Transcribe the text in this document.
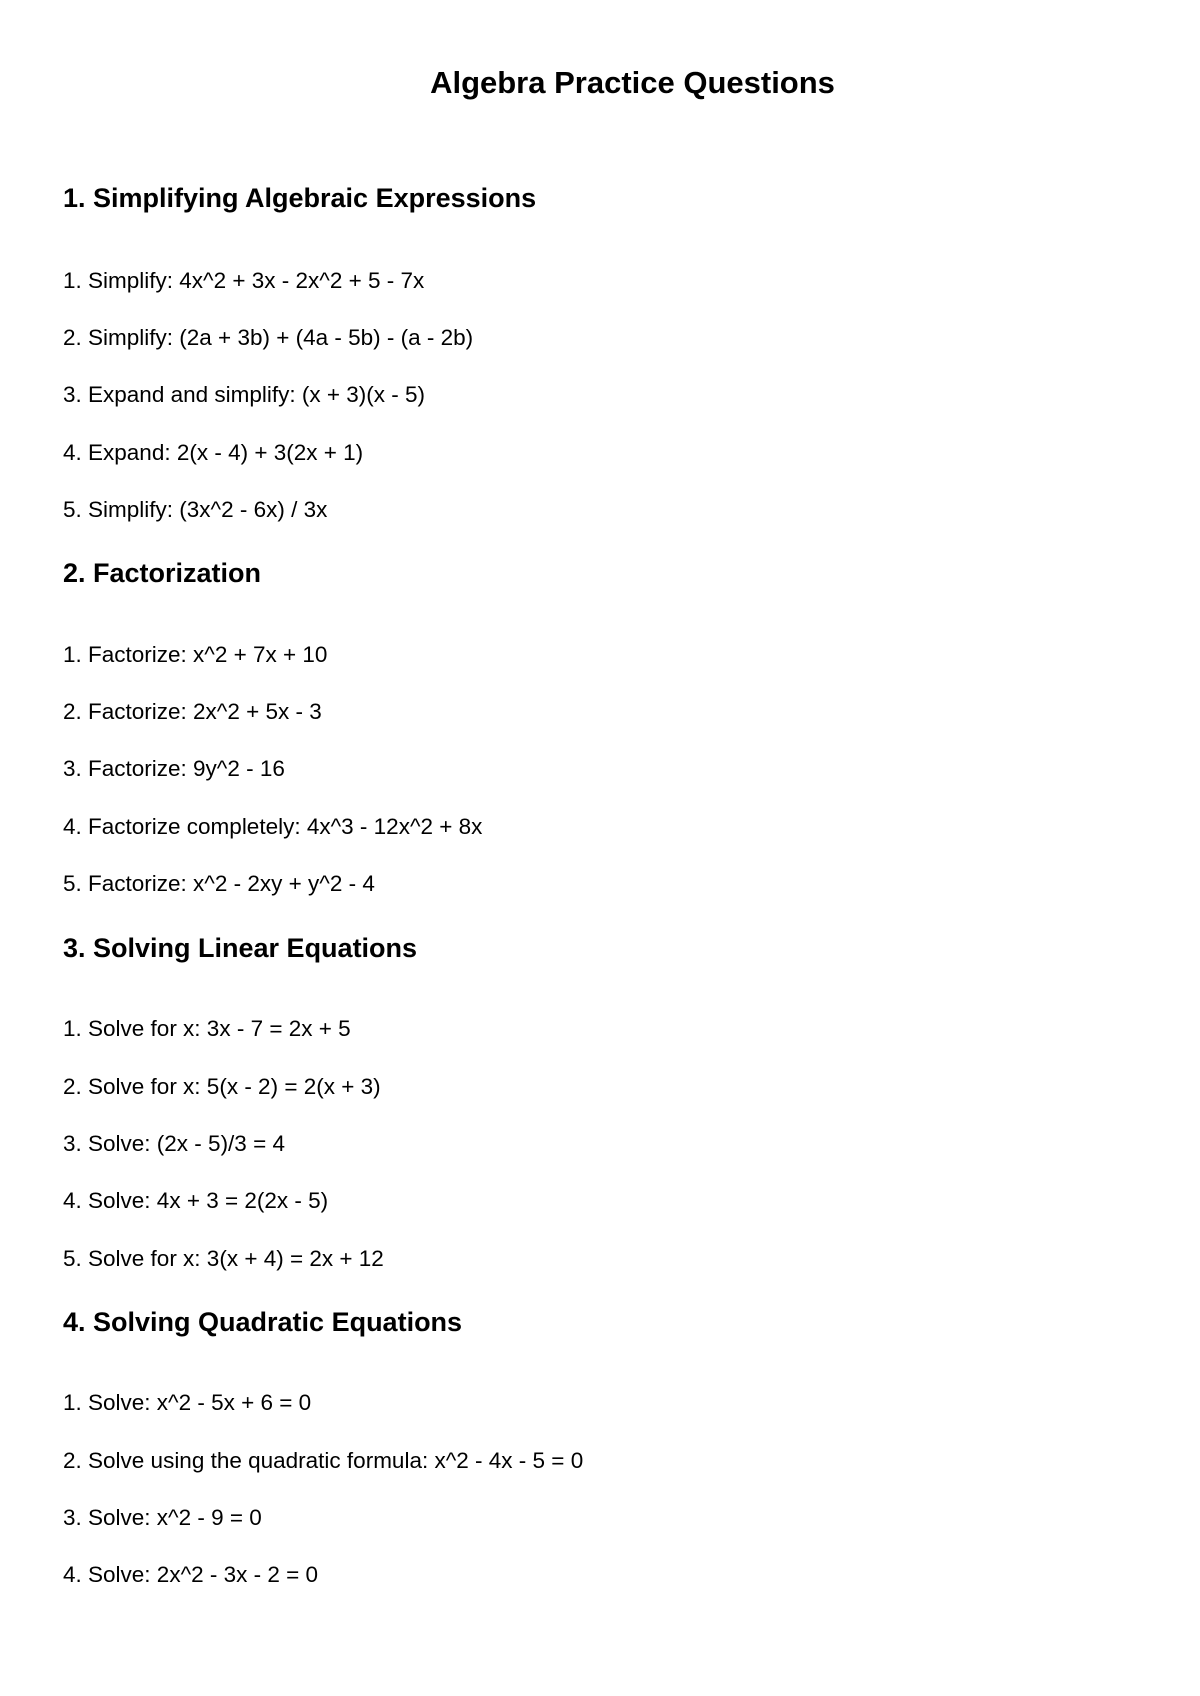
Algebra Practice Questions
1. Simplifying Algebraic Expressions
1. Simplify: 4x^2 + 3x - 2x^2 + 5 - 7x
2. Simplify: (2a + 3b) + (4a - 5b) - (a - 2b)
3. Expand and simplify: (x + 3)(x - 5)
4. Expand: 2(x - 4) + 3(2x + 1)
5. Simplify: (3x^2 - 6x) / 3x
2. Factorization
1. Factorize: x^2 + 7x + 10
2. Factorize: 2x^2 + 5x - 3
3. Factorize: 9y^2 - 16
4. Factorize completely: 4x^3 - 12x^2 + 8x
5. Factorize: x^2 - 2xy + y^2 - 4
3. Solving Linear Equations
1. Solve for x: 3x - 7 = 2x + 5
2. Solve for x: 5(x - 2) = 2(x + 3)
3. Solve: (2x - 5)/3 = 4
4. Solve: 4x + 3 = 2(2x - 5)
5. Solve for x: 3(x + 4) = 2x + 12
4. Solving Quadratic Equations
1. Solve: x^2 - 5x + 6 = 0
2. Solve using the quadratic formula: x^2 - 4x - 5 = 0
3. Solve: x^2 - 9 = 0
4. Solve: 2x^2 - 3x - 2 = 0
